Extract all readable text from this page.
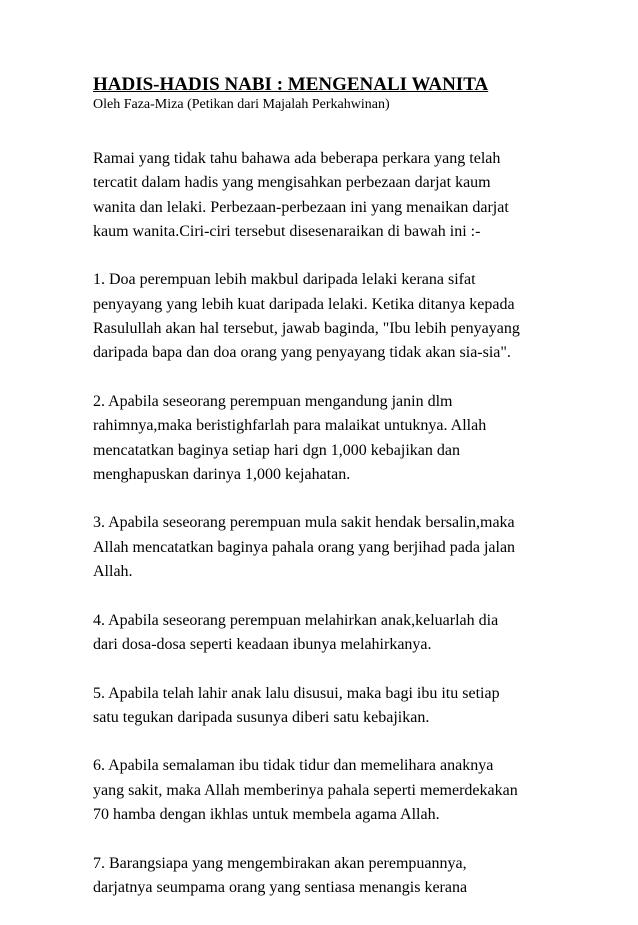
HADIS-HADIS NABI : MENGENALI WANITA

Oleh Faza-Miza (Petikan dari Majalah Perkahwinan)

Ramai yang tidak tahu bahawa ada beberapa perkara yang telah
tercatit dalam hadis yang mengisahkan perbezaan darjat kaum
wanita dan lelaki. Perbezaan-perbezaan ini yang menaikan darjat
kaum wanita.Ciri-ciri tersebut disesenaraikan di bawah ini :-

1. Doa perempuan lebih makbul daripada lelaki kerana sifat
penyayang yang lebih kuat daripada lelaki. Ketika ditanya kepada
Rasulullah akan hal tersebut, jawab baginda, "Ibu lebih penyayang
daripada bapa dan doa orang yang penyayang tidak akan sia-sia".

2. Apabila seseorang perempuan mengandung janin dlm
rahimnya,maka beristighfarlah para malaikat untuknya. Allah
mencatatkan baginya setiap hari dgn 1,000 kebajikan dan
menghapuskan darinya 1,000 kejahatan.

3. Apabila seseorang perempuan mula sakit hendak bersalin,maka
Allah mencatatkan baginya pahala orang yang berjihad pada jalan
Allah.

4. Apabila seseorang perempuan melahirkan anak,keluarlah dia
dari dosa-dosa seperti keadaan ibunya melahirkanya.

5. Apabila telah lahir anak lalu disusui, maka bagi ibu itu setiap
satu tegukan daripada susunya diberi satu kebajikan.

6. Apabila semalaman ibu tidak tidur dan memelihara anaknya
yang sakit, maka Allah memberinya pahala seperti memerdekakan
70 hamba dengan ikhlas untuk membela agama Allah.

7. Barangsiapa yang mengembirakan akan perempuannya,
darjatnya seumpama orang yang sentiasa menangis kerana
